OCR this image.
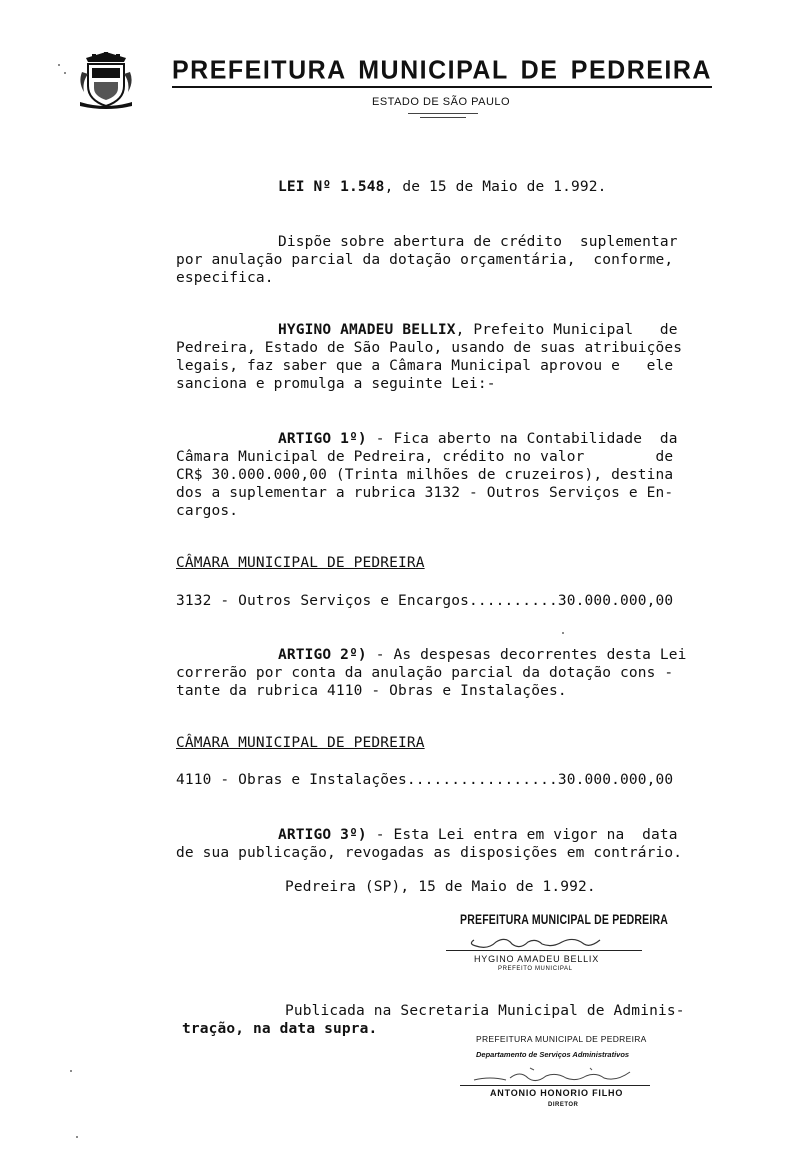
PREFEITURA MUNICIPAL DE PEDREIRA
ESTADO DE SÃO PAULO
LEI Nº 1.548, de 15 de Maio de 1.992.
Dispõe sobre abertura de crédito  suplementar
por anulação parcial da dotação orçamentária,  conforme,
especifica.
HYGINO AMADEU BELLIX, Prefeito Municipal   de
Pedreira, Estado de São Paulo, usando de suas atribuições
legais, faz saber que a Câmara Municipal aprovou e   ele
sanciona e promulga a seguinte Lei:-
ARTIGO 1º) - Fica aberto na Contabilidade  da
Câmara Municipal de Pedreira, crédito no valor        de
CR$ 30.000.000,00 (Trinta milhões de cruzeiros), destina
dos a suplementar a rubrica 3132 - Outros Serviços e En-
cargos.
CÂMARA MUNICIPAL DE PEDREIRA
3132 - Outros Serviços e Encargos..........30.000.000,00
ARTIGO 2º) - As despesas decorrentes desta Lei
correrão por conta da anulação parcial da dotação cons -
tante da rubrica 4110 - Obras e Instalações.
CÂMARA MUNICIPAL DE PEDREIRA
4110 - Obras e Instalações.................30.000.000,00
ARTIGO 3º) - Esta Lei entra em vigor na  data
de sua publicação, revogadas as disposições em contrário.
Pedreira (SP), 15 de Maio de 1.992.
PREFEITURA MUNICIPAL DE PEDREIRA
HYGINO AMADEU BELLIX
PREFEITO MUNICIPAL
Publicada na Secretaria Municipal de Adminis-
tração, na data supra.
PREFEITURA MUNICIPAL DE PEDREIRA
Departamento de Serviços Administrativos
ANTONIO HONORIO FILHO
DIRETOR
